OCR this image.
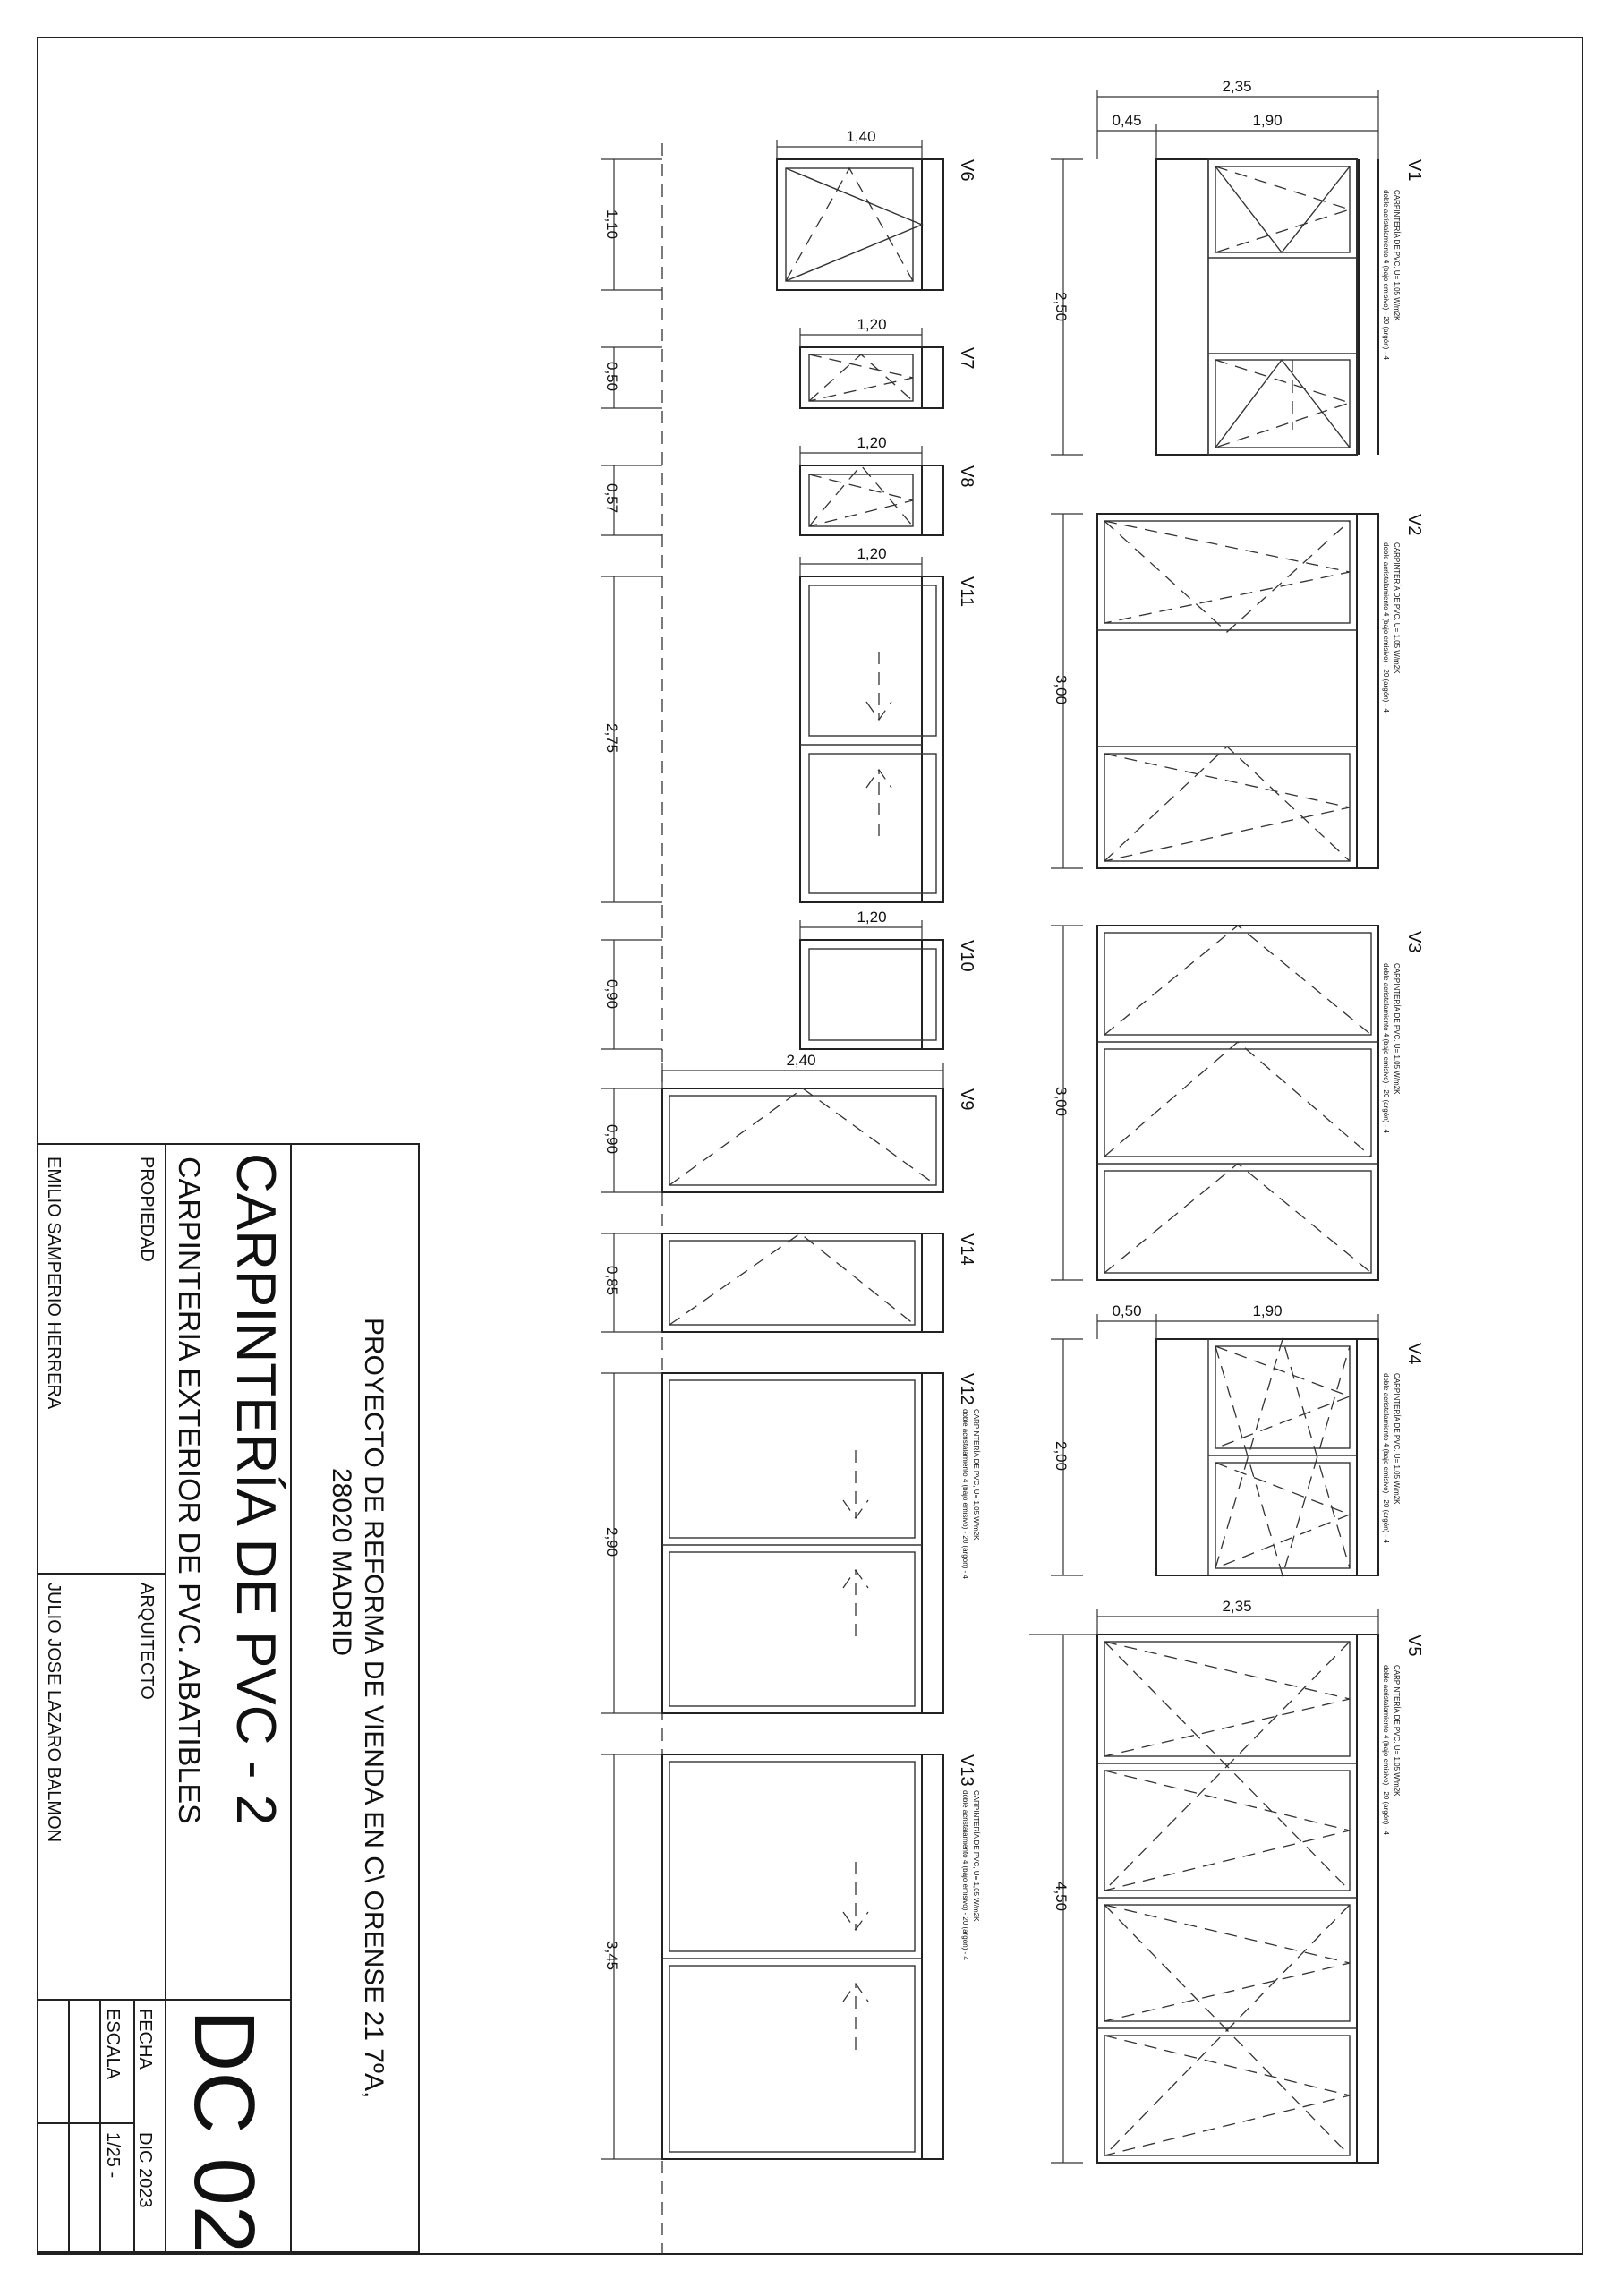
PROYECTO DE REFORMA DE VIENDA EN C\ ORENSE 21 7ºA,
28020 MADRID
CARPINTERÍA DE PVC - 2
CARPINTERIA EXTERIOR DE PVC. ABATIBLES
DC 02
PROPIEDAD
EMILIO SAMPERIO HERRERA
ARQUITECTO
JULIO JOSE LAZARO BALMON
FECHA
DIC 2023
ESCALA
1/25 -
V1
V2
V3
V4
V5
V6
V7
V8
V11
V10
V9
V14
V12
V13
CARPINTERÍA DE PVC, U= 1,05 W/m2K
doble acristalamiento 4 (bajo emisivo) - 20 (argón) - 4
CARPINTERÍA DE PVC, U= 1,05 W/m2K
doble acristalamiento 4 (bajo emisivo) - 20 (argón) - 4
CARPINTERÍA DE PVC, U= 1,05 W/m2K
doble acristalamiento 4 (bajo emisivo) - 20 (argón) - 4
CARPINTERÍA DE PVC, U= 1,05 W/m2K
doble acristalamiento 4 (bajo emisivo) - 20 (argón) - 4
CARPINTERÍA DE PVC, U= 1,05 W/m2K
doble acristalamiento 4 (bajo emisivo) - 20 (argón) - 4
CARPINTERÍA DE PVC, U= 1,05 W/m2K
doble acristalamiento 4 (bajo emisivo) - 20 (argón) - 4
CARPINTERÍA DE PVC, U= 1,05 W/m2K
doble acristalamiento 4 (bajo emisivo) - 20 (argón) - 4
2,50
3,00
3,00
2,00
4,50
1,10
0,50
0,57
2,75
0,90
0,90
0,85
2,90
3,45
2,35
0,45	1,90
0,50	1,90
2,35
1,40
1,20
1,20
1,20
1,20
2,40
